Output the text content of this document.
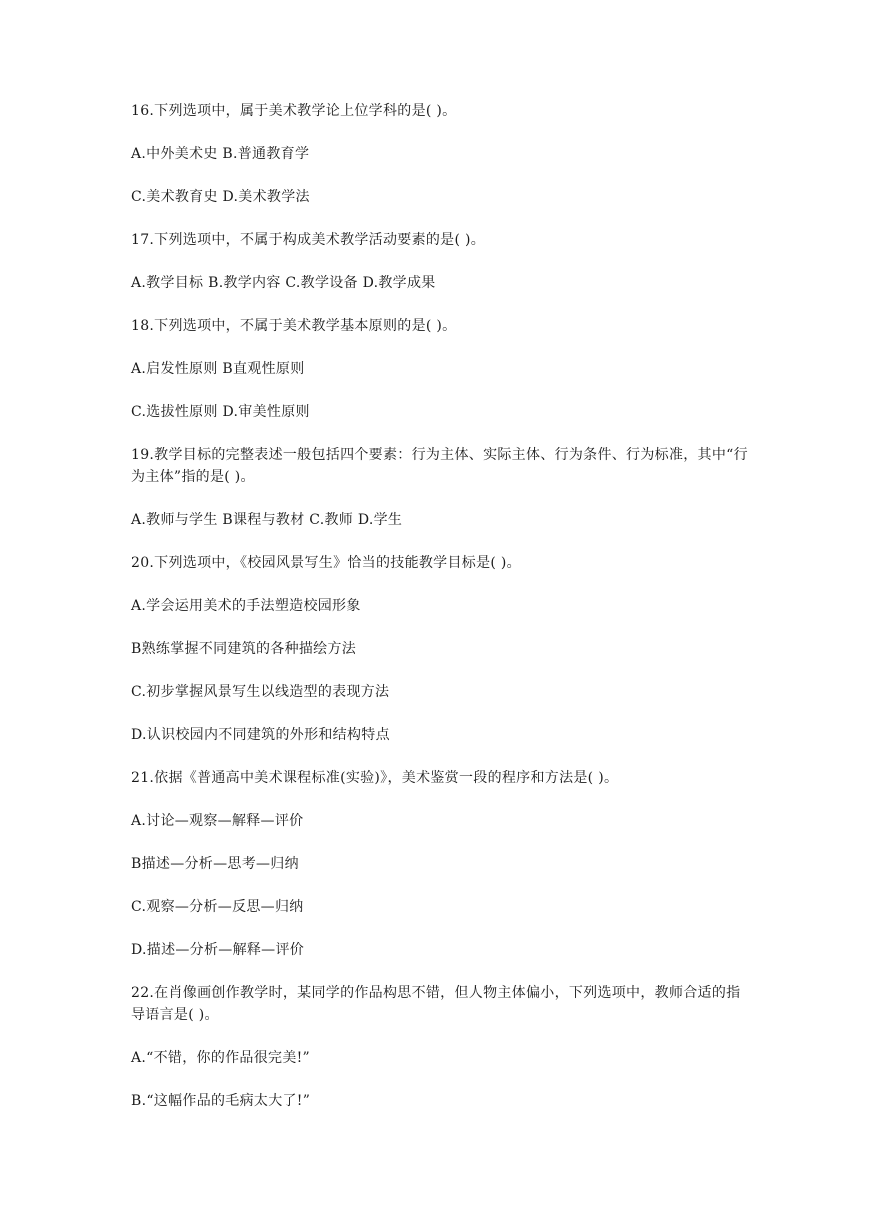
16.下列选项中，属于美术教学论上位学科的是( )。
A.中外美术史 B.普通教育学
C.美术教育史 D.美术教学法
17.下列选项中，不属于构成美术教学活动要素的是( )。
A.教学目标 B.教学内容 C.教学设备 D.教学成果
18.下列选项中，不属于美术教学基本原则的是( )。
A.启发性原则 B直观性原则
C.选拔性原则 D.审美性原则
19.教学目标的完整表述一般包括四个要素：行为主体、实际主体、行为条件、行为标准，其中“行为主体”指的是( )。
A.教师与学生 B课程与教材 C.教师 D.学生
20.下列选项中，《校园风景写生》恰当的技能教学目标是( )。
A.学会运用美术的手法塑造校园形象
B熟练掌握不同建筑的各种描绘方法
C.初步掌握风景写生以线造型的表现方法
D.认识校园内不同建筑的外形和结构特点
21.依据《普通高中美术课程标准(实验)》，美术鉴赏一段的程序和方法是( )。
A.讨论—观察—解释—评价
B描述—分析—思考—归纳
C.观察—分析—反思—归纳
D.描述—分析—解释—评价
22.在肖像画创作教学时，某同学的作品构思不错，但人物主体偏小，下列选项中，教师合适的指导语言是( )。
A.“不错，你的作品很完美!”
B.“这幅作品的毛病太大了!”
